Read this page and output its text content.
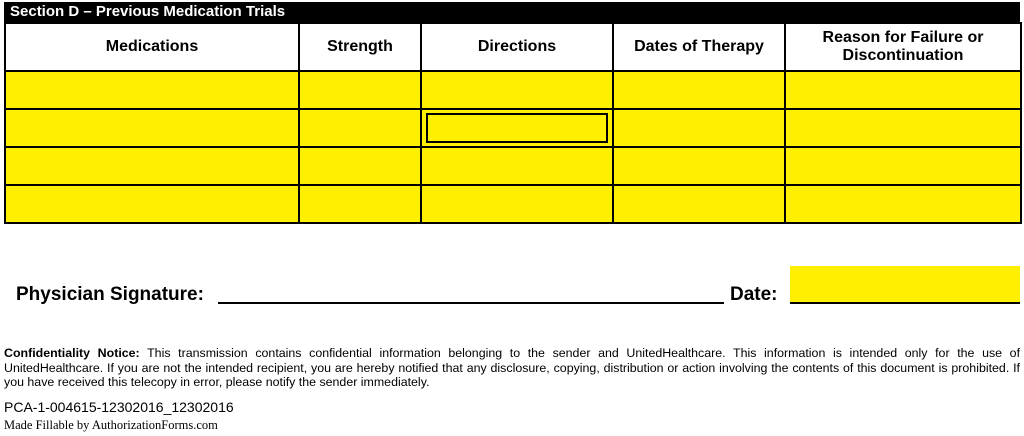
Section D – Previous Medication Trials
Medications	Strength	Directions	Dates of Therapy	Reason for Failure or Discontinuation

Physician Signature:	Date:
Confidentiality Notice: This transmission contains confidential information belonging to the sender and UnitedHealthcare. This information is intended only for the use of UnitedHealthcare. If you are not the intended recipient, you are hereby notified that any disclosure, copying, distribution or action involving the contents of this document is prohibited. If you have received this telecopy in error, please notify the sender immediately.
PCA-1-004615-12302016_12302016
Made Fillable by AuthorizationForms.com
